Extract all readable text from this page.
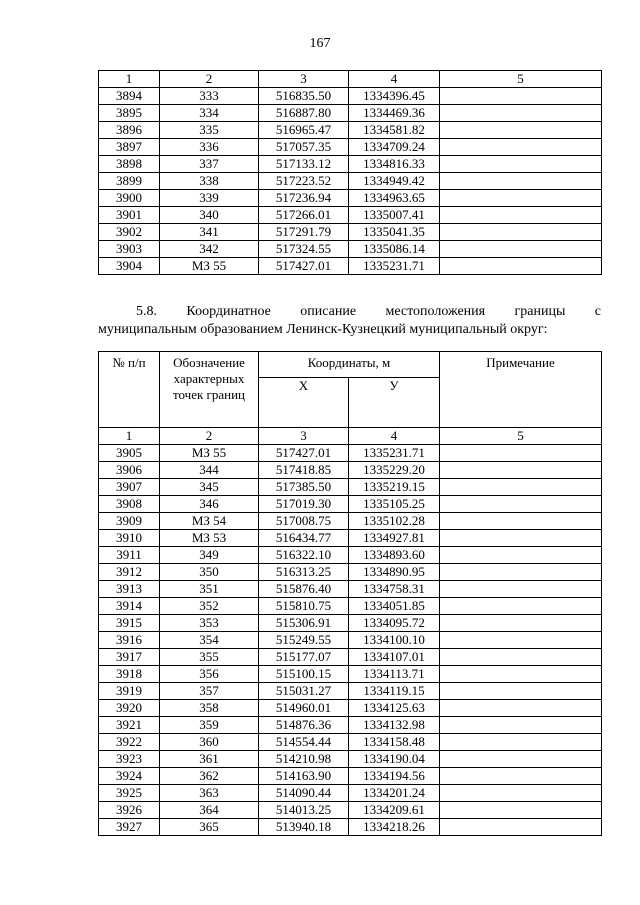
167
1	2	3	4	5
3894	333	516835.50	1334396.45	
3895	334	516887.80	1334469.36	
3896	335	516965.47	1334581.82	
3897	336	517057.35	1334709.24	
3898	337	517133.12	1334816.33	
3899	338	517223.52	1334949.42	
3900	339	517236.94	1334963.65	
3901	340	517266.01	1335007.41	
3902	341	517291.79	1335041.35	
3903	342	517324.55	1335086.14	
3904	МЗ 55	517427.01	1335231.71	
5.8. Координатное описание местоположения границы с
муниципальным образованием Ленинск-Кузнецкий муниципальный округ:
№ п/п	Обозначение характерных точек границ	Координаты, м		Примечание
		X	У	
1	2	3	4	5
3905	МЗ 55	517427.01	1335231.71	
3906	344	517418.85	1335229.20	
3907	345	517385.50	1335219.15	
3908	346	517019.30	1335105.25	
3909	МЗ 54	517008.75	1335102.28	
3910	МЗ 53	516434.77	1334927.81	
3911	349	516322.10	1334893.60	
3912	350	516313.25	1334890.95	
3913	351	515876.40	1334758.31	
3914	352	515810.75	1334051.85	
3915	353	515306.91	1334095.72	
3916	354	515249.55	1334100.10	
3917	355	515177.07	1334107.01	
3918	356	515100.15	1334113.71	
3919	357	515031.27	1334119.15	
3920	358	514960.01	1334125.63	
3921	359	514876.36	1334132.98	
3922	360	514554.44	1334158.48	
3923	361	514210.98	1334190.04	
3924	362	514163.90	1334194.56	
3925	363	514090.44	1334201.24	
3926	364	514013.25	1334209.61	
3927	365	513940.18	1334218.26	
